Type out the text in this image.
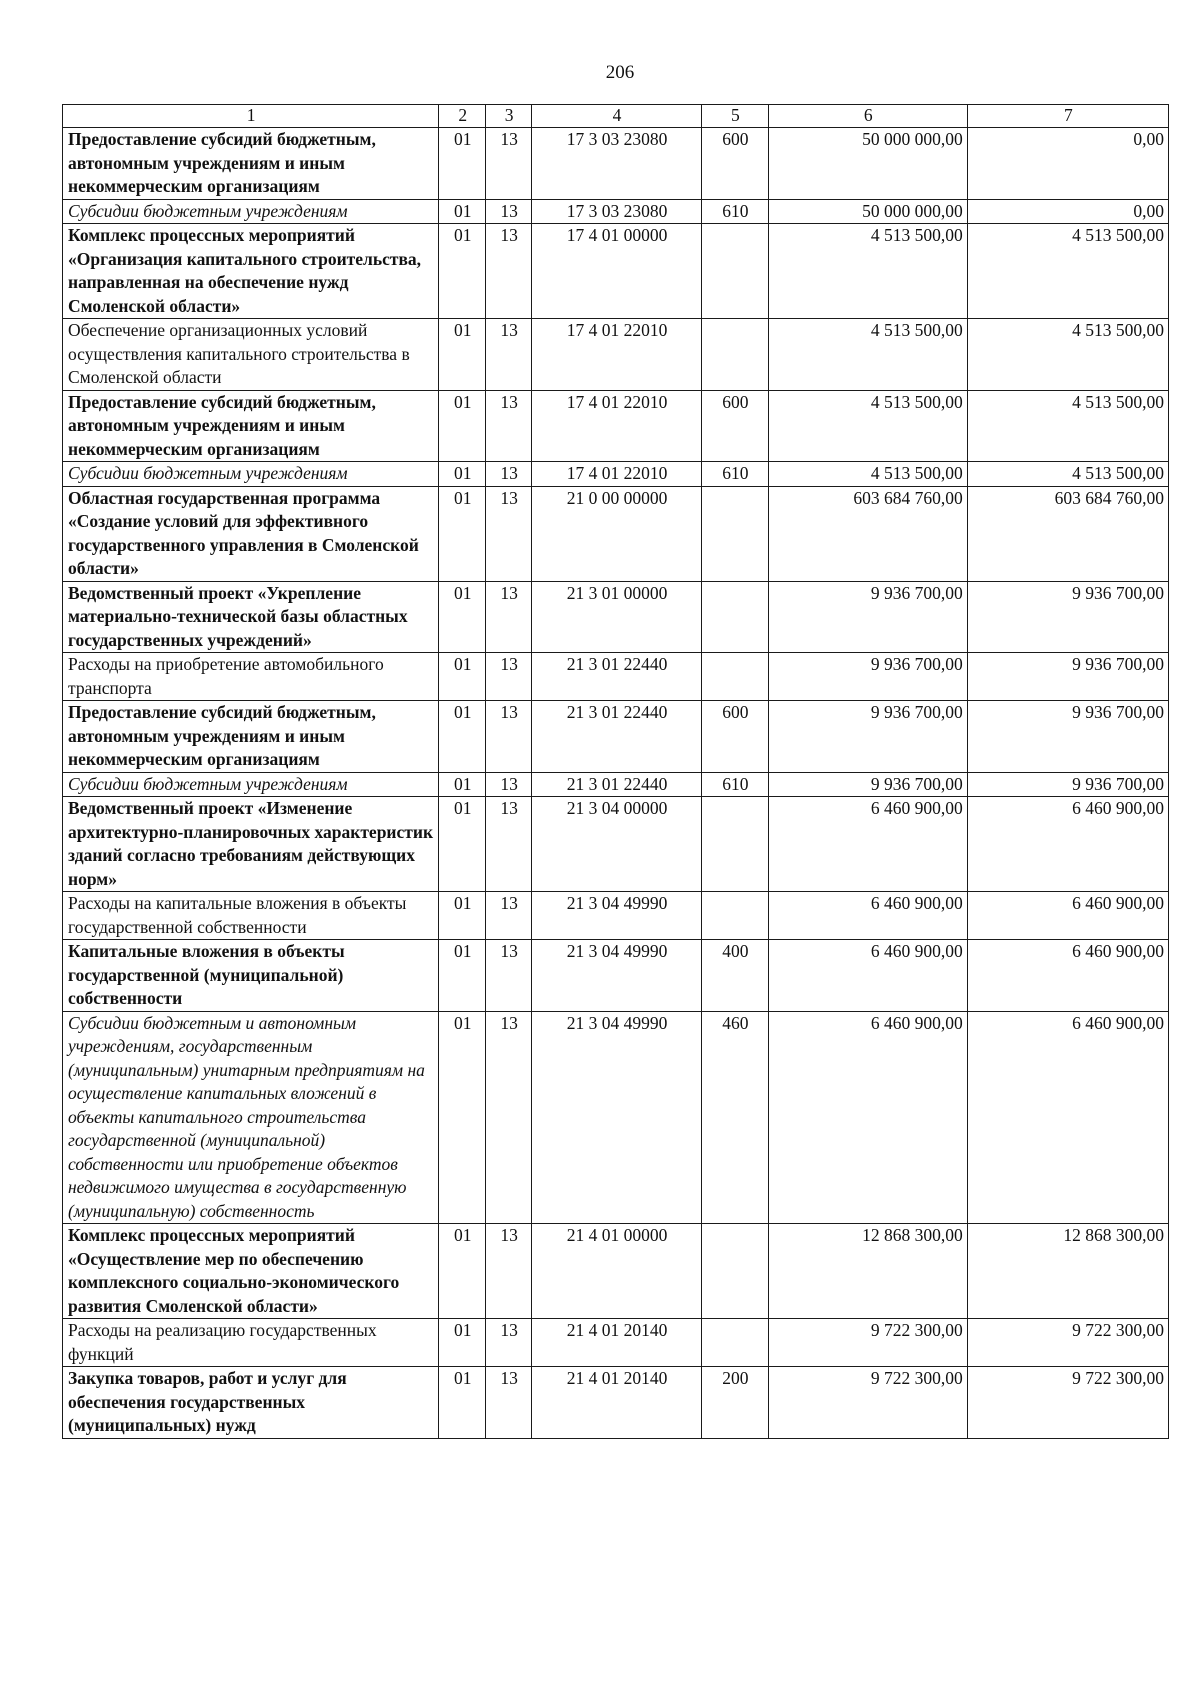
206
1	2	3	4	5	6	7
Предоставление субсидий бюджетным, автономным учреждениям и иным некоммерческим организациям	01	13	17 3 03 23080	600	50 000 000,00	0,00
Субсидии бюджетным учреждениям	01	13	17 3 03 23080	610	50 000 000,00	0,00
Комплекс процессных мероприятий «Организация капитального строительства, направленная на обеспечение нужд Смоленской области»	01	13	17 4 01 00000		4 513 500,00	4 513 500,00
Обеспечение организационных условий осуществления капитального строительства в Смоленской области	01	13	17 4 01 22010		4 513 500,00	4 513 500,00
Предоставление субсидий бюджетным, автономным учреждениям и иным некоммерческим организациям	01	13	17 4 01 22010	600	4 513 500,00	4 513 500,00
Субсидии бюджетным учреждениям	01	13	17 4 01 22010	610	4 513 500,00	4 513 500,00
Областная государственная программа «Создание условий для эффективного государственного управления в Смоленской области»	01	13	21 0 00 00000		603 684 760,00	603 684 760,00
Ведомственный проект «Укрепление материально-технической базы областных государственных учреждений»	01	13	21 3 01 00000		9 936 700,00	9 936 700,00
Расходы на приобретение автомобильного транспорта	01	13	21 3 01 22440		9 936 700,00	9 936 700,00
Предоставление субсидий бюджетным, автономным учреждениям и иным некоммерческим организациям	01	13	21 3 01 22440	600	9 936 700,00	9 936 700,00
Субсидии бюджетным учреждениям	01	13	21 3 01 22440	610	9 936 700,00	9 936 700,00
Ведомственный проект «Изменение архитектурно-планировочных характеристик зданий согласно требованиям действующих норм»	01	13	21 3 04 00000		6 460 900,00	6 460 900,00
Расходы на капитальные вложения в объекты государственной собственности	01	13	21 3 04 49990		6 460 900,00	6 460 900,00
Капитальные вложения в объекты государственной (муниципальной) собственности	01	13	21 3 04 49990	400	6 460 900,00	6 460 900,00
Субсидии бюджетным и автономным учреждениям, государственным (муниципальным) унитарным предприятиям на осуществление капитальных вложений в объекты капитального строительства государственной (муниципальной) собственности или приобретение объектов недвижимого имущества в государственную (муниципальную) собственность	01	13	21 3 04 49990	460	6 460 900,00	6 460 900,00
Комплекс процессных мероприятий «Осуществление мер по обеспечению комплексного социально-экономического развития Смоленской области»	01	13	21 4 01 00000		12 868 300,00	12 868 300,00
Расходы на реализацию государственных функций	01	13	21 4 01 20140		9 722 300,00	9 722 300,00
Закупка товаров, работ и услуг для обеспечения государственных (муниципальных) нужд	01	13	21 4 01 20140	200	9 722 300,00	9 722 300,00
